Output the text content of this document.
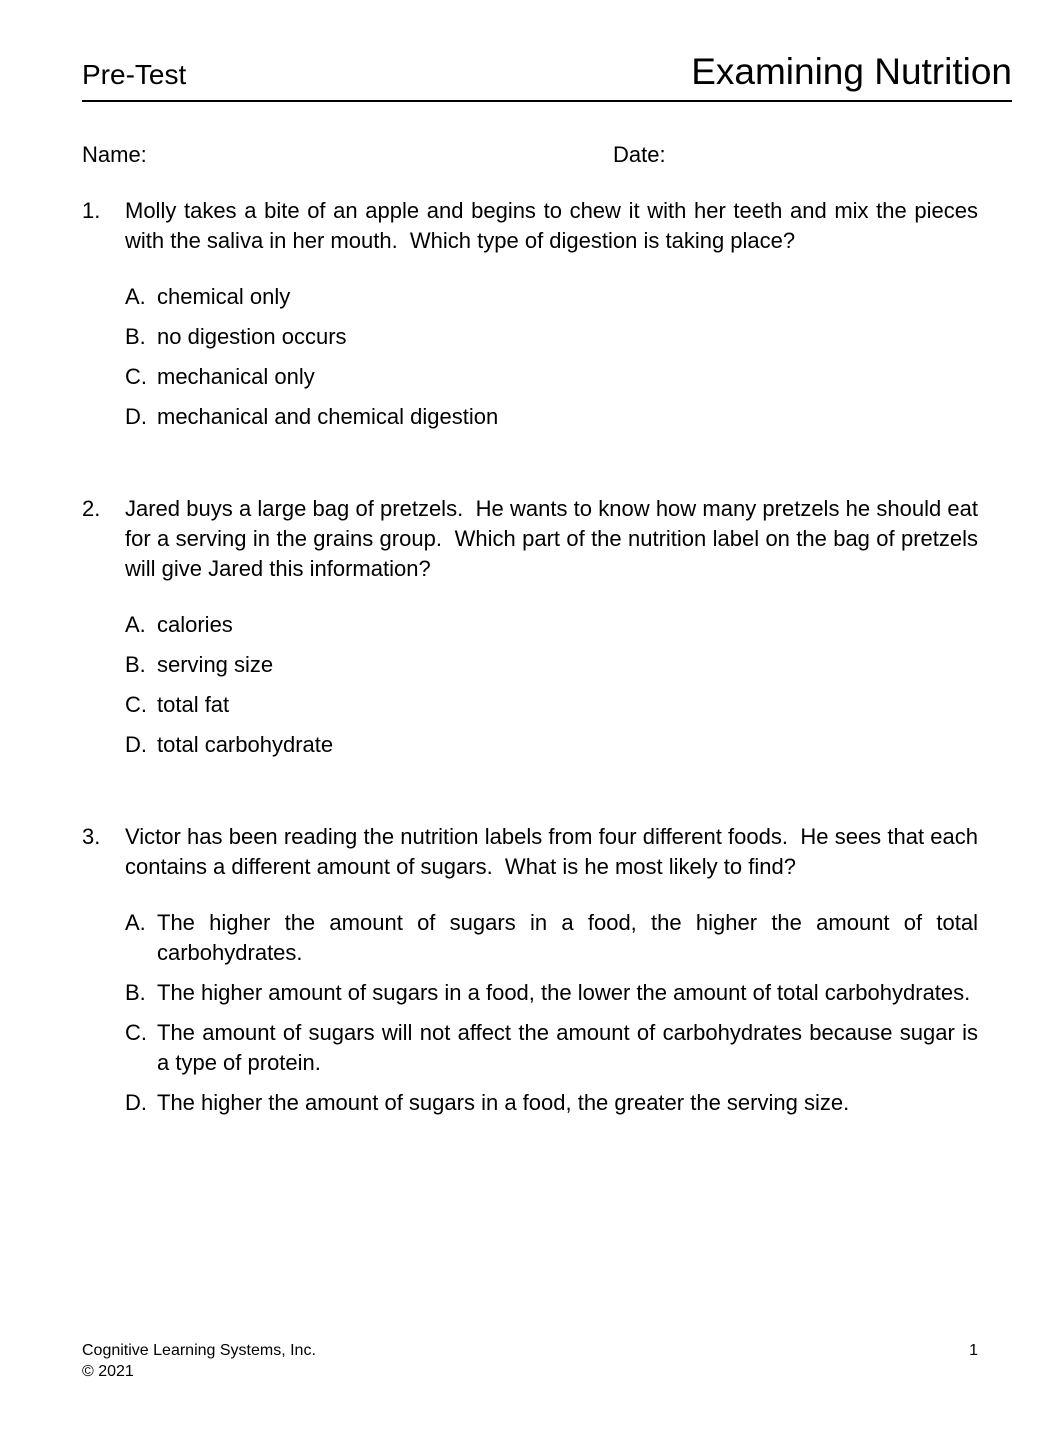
Pre-Test	Examining Nutrition
Name:	Date:
1.	Molly takes a bite of an apple and begins to chew it with her teeth and mix the pieces with the saliva in her mouth.  Which type of digestion is taking place?
A. chemical only
B. no digestion occurs
C. mechanical only
D. mechanical and chemical digestion
2.	Jared buys a large bag of pretzels.  He wants to know how many pretzels he should eat for a serving in the grains group.  Which part of the nutrition label on the bag of pretzels will give Jared this information?
A. calories
B. serving size
C. total fat
D. total carbohydrate
3.	Victor has been reading the nutrition labels from four different foods.  He sees that each contains a different amount of sugars.  What is he most likely to find?
A. The higher the amount of sugars in a food, the higher the amount of total carbohydrates.
B. The higher amount of sugars in a food, the lower the amount of total carbohydrates.
C. The amount of sugars will not affect the amount of carbohydrates because sugar is a type of protein.
D. The higher the amount of sugars in a food, the greater the serving size.
Cognitive Learning Systems, Inc.
© 2021
1
